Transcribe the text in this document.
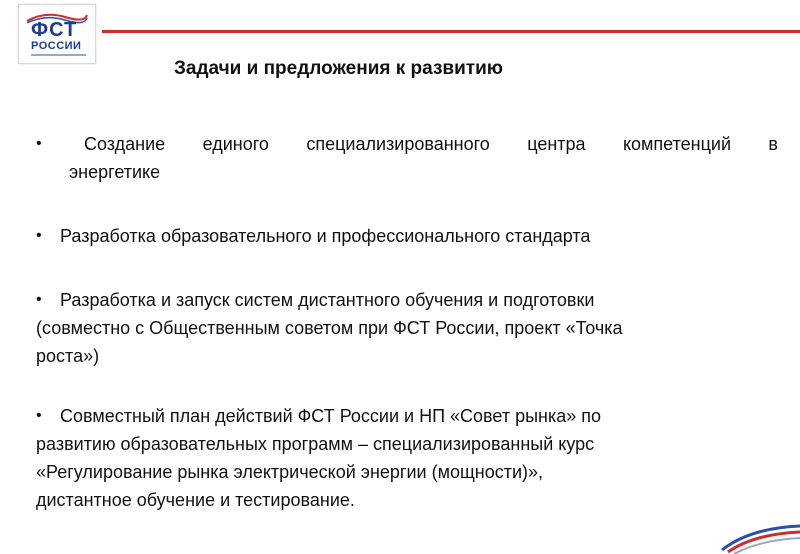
ФСТ
РОССИИ
Задачи и предложения к развитию
•	Создание единого специализированного центра компетенций в
энергетике
•	Разработка образовательного и профессионального стандарта
•	Разработка и запуск систем дистантного обучения и подготовки
(совместно с Общественным советом при ФСТ России, проект «Точка
роста»)
•	Совместный план действий ФСТ России и НП «Совет рынка» по
развитию образовательных программ – специализированный курс
«Регулирование рынка электрической энергии (мощности)»,
дистантное обучение и тестирование.
